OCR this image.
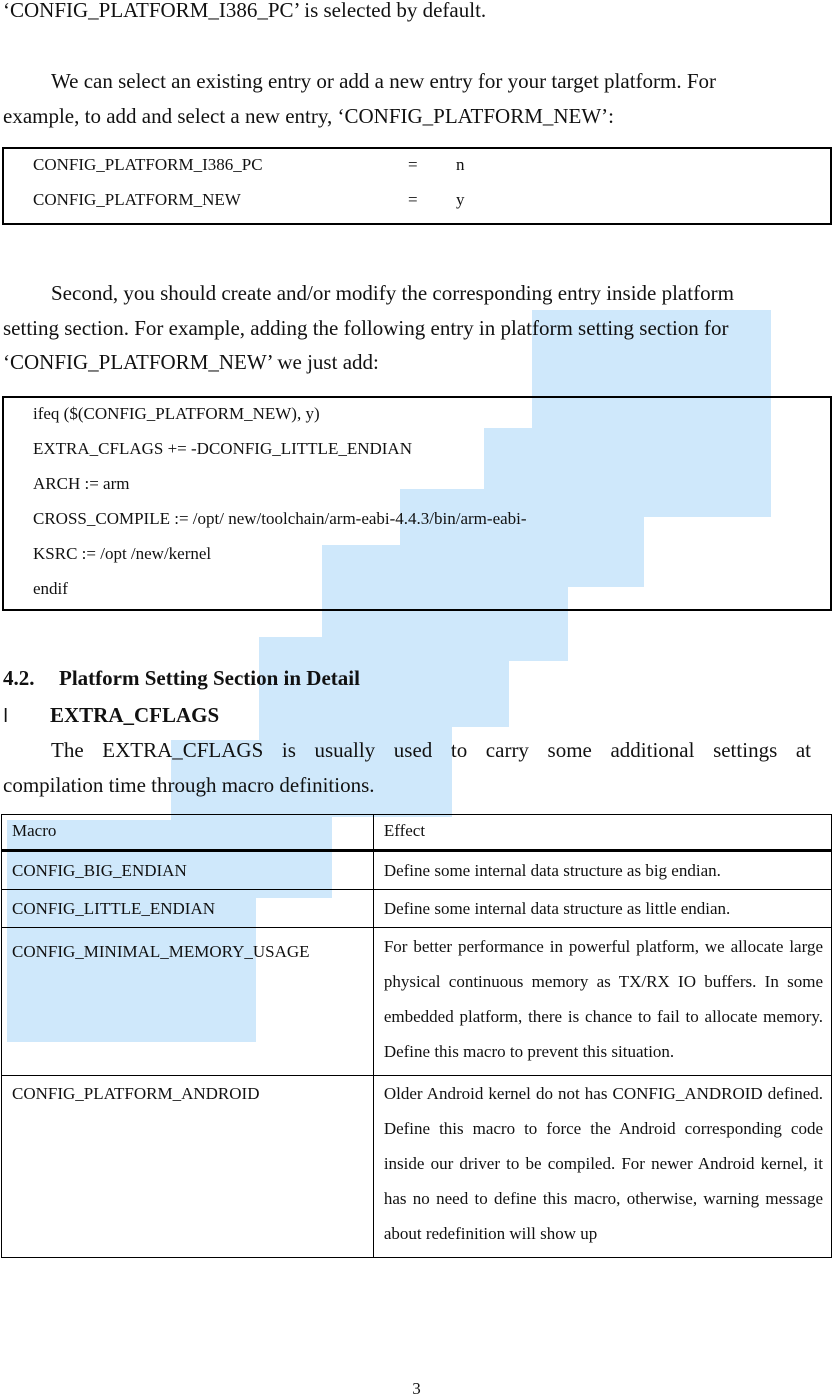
‘CONFIG_PLATFORM_I386_PC’ is selected by default.
We can select an existing entry or add a new entry for your target platform. For
example, to add and select a new entry, ‘CONFIG_PLATFORM_NEW’:
CONFIG_PLATFORM_I386_PC	= n
CONFIG_PLATFORM_NEW	= y
Second, you should create and/or modify the corresponding entry inside platform
setting section. For example, adding the following entry in platform setting section for
‘CONFIG_PLATFORM_NEW’ we just add:
ifeq ($(CONFIG_PLATFORM_NEW), y)
EXTRA_CFLAGS += -DCONFIG_LITTLE_ENDIAN
ARCH := arm
CROSS_COMPILE := /opt/ new/toolchain/arm-eabi-4.4.3/bin/arm-eabi-
KSRC := /opt /new/kernel
endif
4.2. Platform Setting Section in Detail
l EXTRA_CFLAGS
The EXTRA_CFLAGS is usually used to carry some additional settings at
compilation time through macro definitions.
Macro	Effect
CONFIG_BIG_ENDIAN	Define some internal data structure as big endian.
CONFIG_LITTLE_ENDIAN	Define some internal data structure as little endian.
CONFIG_MINIMAL_MEMORY_USAGE	For better performance in powerful platform, we allocate large physical continuous memory as TX/RX IO buffers. In some embedded platform, there is chance to fail to allocate memory. Define this macro to prevent this situation.
CONFIG_PLATFORM_ANDROID	Older Android kernel do not has CONFIG_ANDROID defined. Define this macro to force the Android corresponding code inside our driver to be compiled. For newer Android kernel, it has no need to define this macro, otherwise, warning message about redefinition will show up
3
